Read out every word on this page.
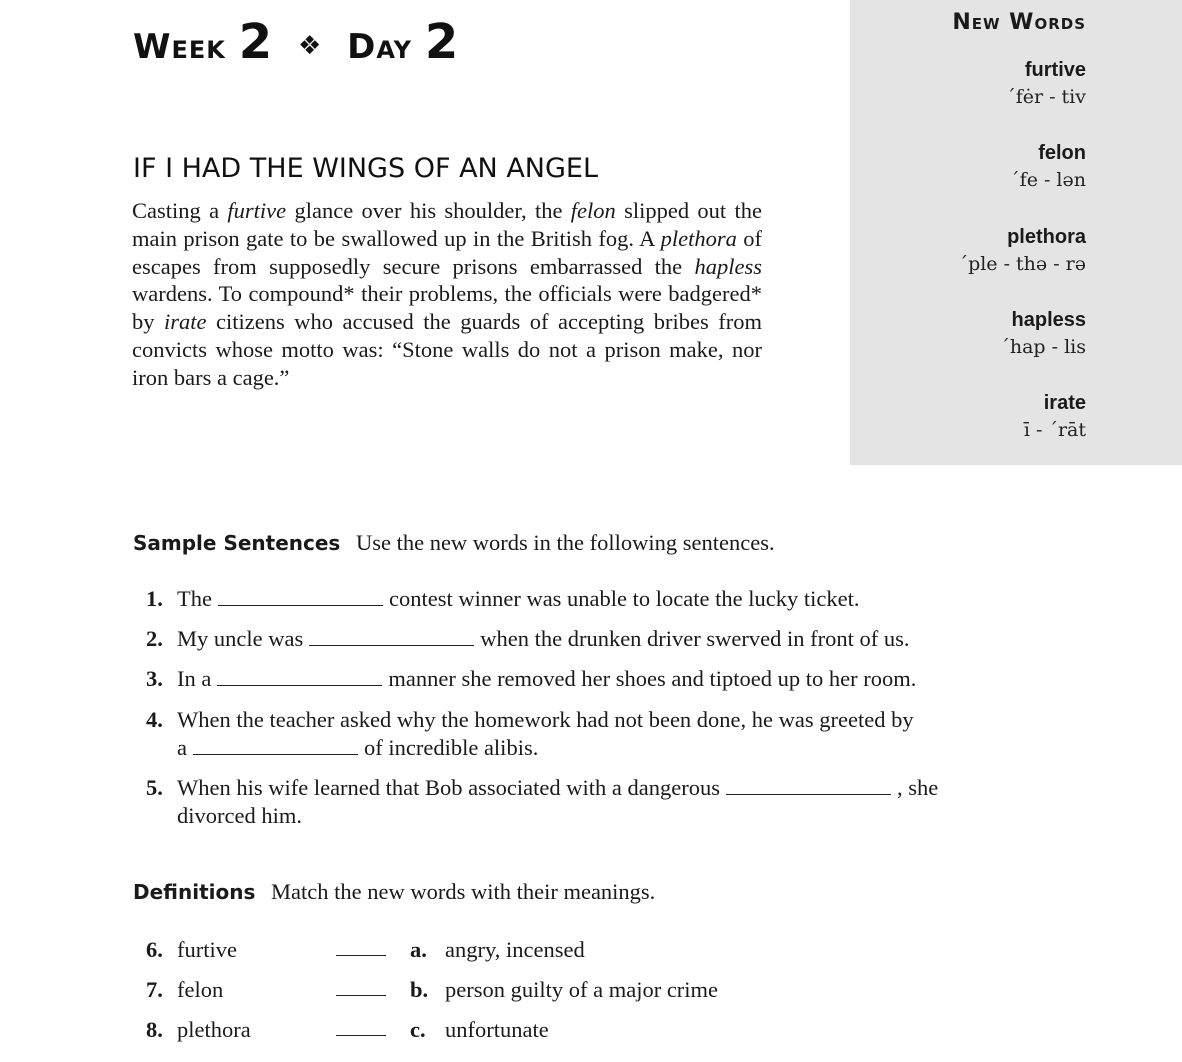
Week 2 ❖ Day 2	New Words
furtive
´fėr - tiv
felon
´fe - lən
plethora
´ple - thə - rə
hapless
´hap - lis
irate
ī - ´rāt
IF I HAD THE WINGS OF AN ANGEL
Casting a furtive glance over his shoulder, the felon slipped out the main prison gate to be swallowed up in the British fog. A plethora of escapes from supposedly secure prisons embarrassed the hapless wardens. To compound* their problems, the officials were badgered* by irate citizens who accused the guards of accepting bribes from convicts whose motto was: “Stone walls do not a prison make, nor iron bars a cage.”
Sample Sentences Use the new words in the following sentences.
1. The	contest winner was unable to locate the lucky ticket.
2. My uncle was	when the drunken driver swerved in front of us.
3. In a	manner she removed her shoes and tiptoed up to her room.
4. When the teacher asked why the homework had not been done, he was greeted by
a	of incredible alibis.
5. When his wife learned that Bob associated with a dangerous	, she
divorced him.
Definitions Match the new words with their meanings.
6. furtive	a. angry, incensed
7. felon	b. person guilty of a major crime
8. plethora	c. unfortunate
